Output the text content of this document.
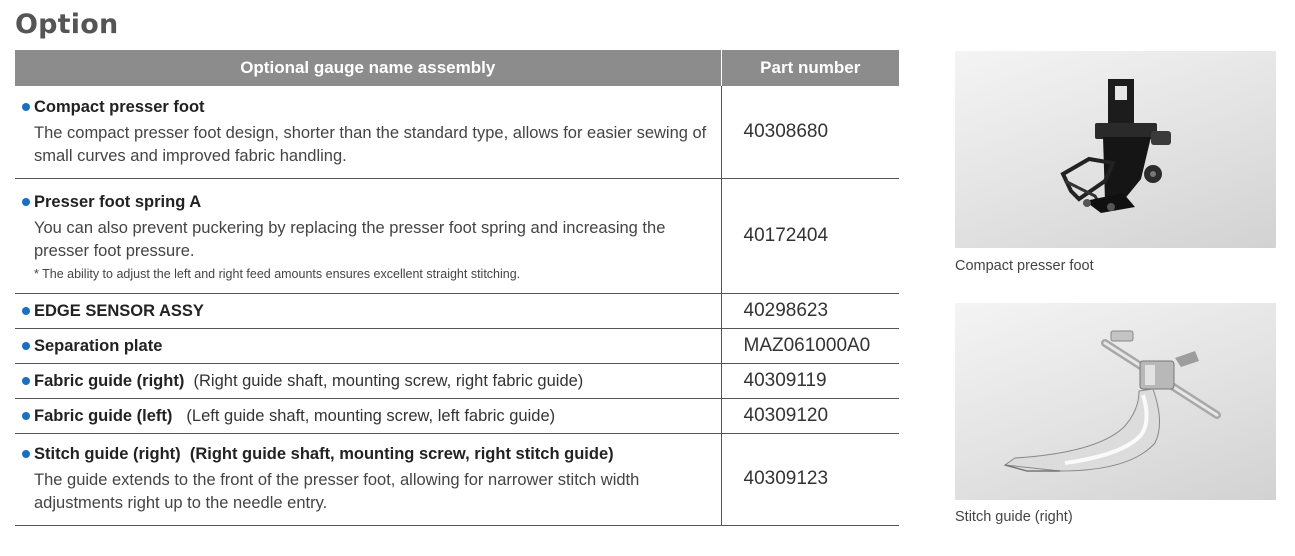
Option
Optional gauge name assembly	Part number

Compact presser foot
The compact presser foot design, shorter than the standard type, allows for easier sewing of small curves and improved fabric handling.	40308680

Presser foot spring A
You can also prevent puckering by replacing the presser foot spring and increasing the presser foot pressure.
* The ability to adjust the left and right feed amounts ensures excellent straight stitching.	40172404

EDGE SENSOR ASSY	40298623

Separation plate	MAZ061000A0

Fabric guide (right) (Right guide shaft, mounting screw, right fabric guide)	40309119

Fabric guide (left) (Left guide shaft, mounting screw, left fabric guide)	40309120

Stitch guide (right) (Right guide shaft, mounting screw, right stitch guide)
The guide extends to the front of the presser foot, allowing for narrower stitch width adjustments right up to the needle entry.	40309123
Compact presser foot
Stitch guide (right)
